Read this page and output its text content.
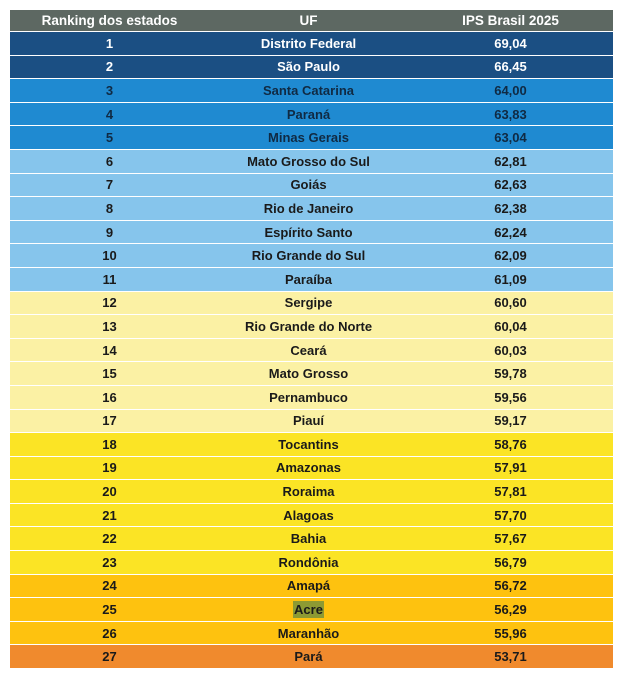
Ranking dos estados	UF	IPS Brasil 2025
1	Distrito Federal	69,04
2	São Paulo	66,45
3	Santa Catarina	64,00
4	Paraná	63,83
5	Minas Gerais	63,04
6	Mato Grosso do Sul	62,81
7	Goiás	62,63
8	Rio de Janeiro	62,38
9	Espírito Santo	62,24
10	Rio Grande do Sul	62,09
11	Paraíba	61,09
12	Sergipe	60,60
13	Rio Grande do Norte	60,04
14	Ceará	60,03
15	Mato Grosso	59,78
16	Pernambuco	59,56
17	Piauí	59,17
18	Tocantins	58,76
19	Amazonas	57,91
20	Roraima	57,81
21	Alagoas	57,70
22	Bahia	57,67
23	Rondônia	56,79
24	Amapá	56,72
25	Acre	56,29
26	Maranhão	55,96
27	Pará	53,71
